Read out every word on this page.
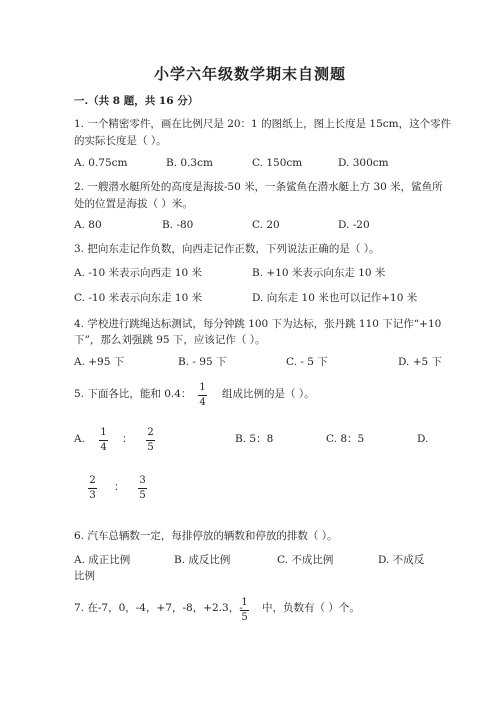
小学六年级数学期末自测题
一.（共 8 题，共 16 分）
1. 一个精密零件，画在比例尺是 20：1 的图纸上，图上长度是 15cm，这个零件
的实际长度是（ ）。
A. 0.75cm	B. 0.3cm	C. 150cm	D. 300cm
2. 一艘潜水艇所处的高度是海拔-50 米，一条鲨鱼在潜水艇上方 30 米，鲨鱼所
处的位置是海拔（ ）米。
A. 80	B. -80	C. 20	D. -20
3. 把向东走记作负数，向西走记作正数，下列说法正确的是（ ）。
A. -10 米表示向西走 10 米	B. +10 米表示向东走 10 米
C. -10 米表示向东走 10 米	D. 向东走 10 米也可以记作+10 米
4. 学校进行跳绳达标测试，每分钟跳 100 下为达标，张丹跳 110 下记作“+10
下”，那么刘强跳 95 下，应该记作（ ）。
A. +95 下	B. - 95 下	C. - 5 下	D. +5 下
5. 下面各比，能和 0.4：
1
4
组成比例的是（ ）。
A.
1
4
：
2
5
B. 5：8	C. 8：5	D.
2
3
：
3
5
6. 汽车总辆数一定，每排停放的辆数和停放的排数（ ）。
A. 成正比例	B. 成反比例	C. 不成比例	D. 不成反
比例
7. 在-7，0，-4，+7，-8，+2.3，-
1
5
中，负数有（ ）个。
